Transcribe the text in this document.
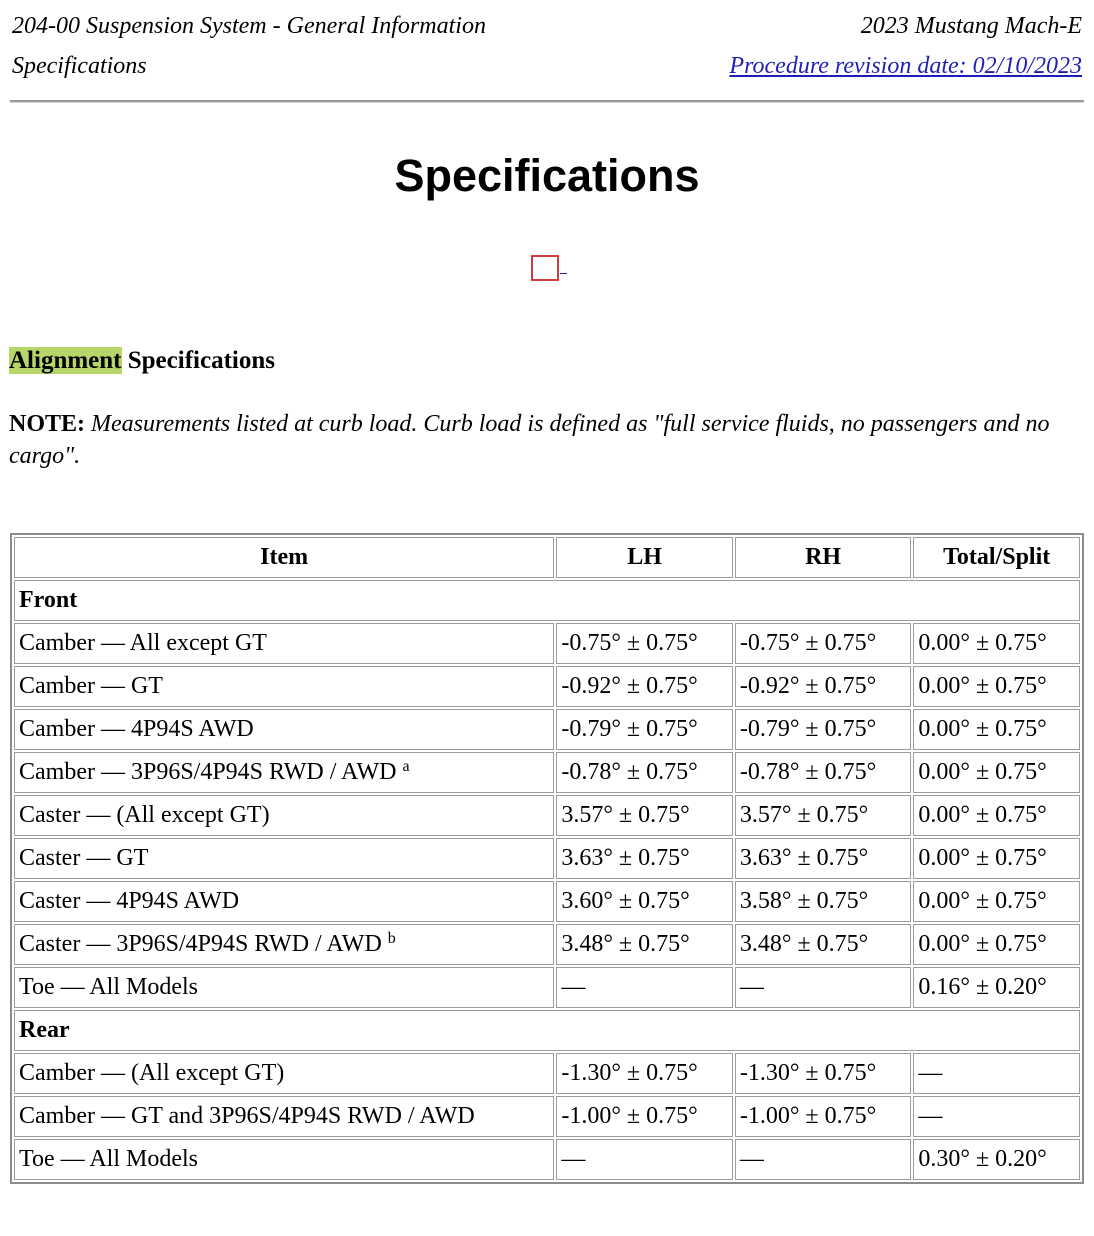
204-00 Suspension System - General Information
Specifications
2023 Mustang Mach-E
Procedure revision date: 02/10/2023
Specifications
Alignment Specifications
NOTE: Measurements listed at curb load. Curb load is defined as "full service fluids, no passengers and no cargo".
Item	LH	RH	Total/Split
Front			
Camber — All except GT	-0.75° ± 0.75°	-0.75° ± 0.75°	0.00° ± 0.75°
Camber — GT	-0.92° ± 0.75°	-0.92° ± 0.75°	0.00° ± 0.75°
Camber — 4P94S AWD	-0.79° ± 0.75°	-0.79° ± 0.75°	0.00° ± 0.75°
Camber — 3P96S/4P94S RWD / AWD $^a$	-0.78° ± 0.75°	-0.78° ± 0.75°	0.00° ± 0.75°
Caster — (All except GT)	3.57° ± 0.75°	3.57° ± 0.75°	0.00° ± 0.75°
Caster — GT	3.63° ± 0.75°	3.63° ± 0.75°	0.00° ± 0.75°
Caster — 4P94S AWD	3.60° ± 0.75°	3.58° ± 0.75°	0.00° ± 0.75°
Caster — 3P96S/4P94S RWD / AWD $^b$	3.48° ± 0.75°	3.48° ± 0.75°	0.00° ± 0.75°
Toe — All Models	—	—	0.16° ± 0.20°
Rear			
Camber — (All except GT)	-1.30° ± 0.75°	-1.30° ± 0.75°	—
Camber — GT and 3P96S/4P94S RWD / AWD	-1.00° ± 0.75°	-1.00° ± 0.75°	—
Toe — All Models	—	—	0.30° ± 0.20°
